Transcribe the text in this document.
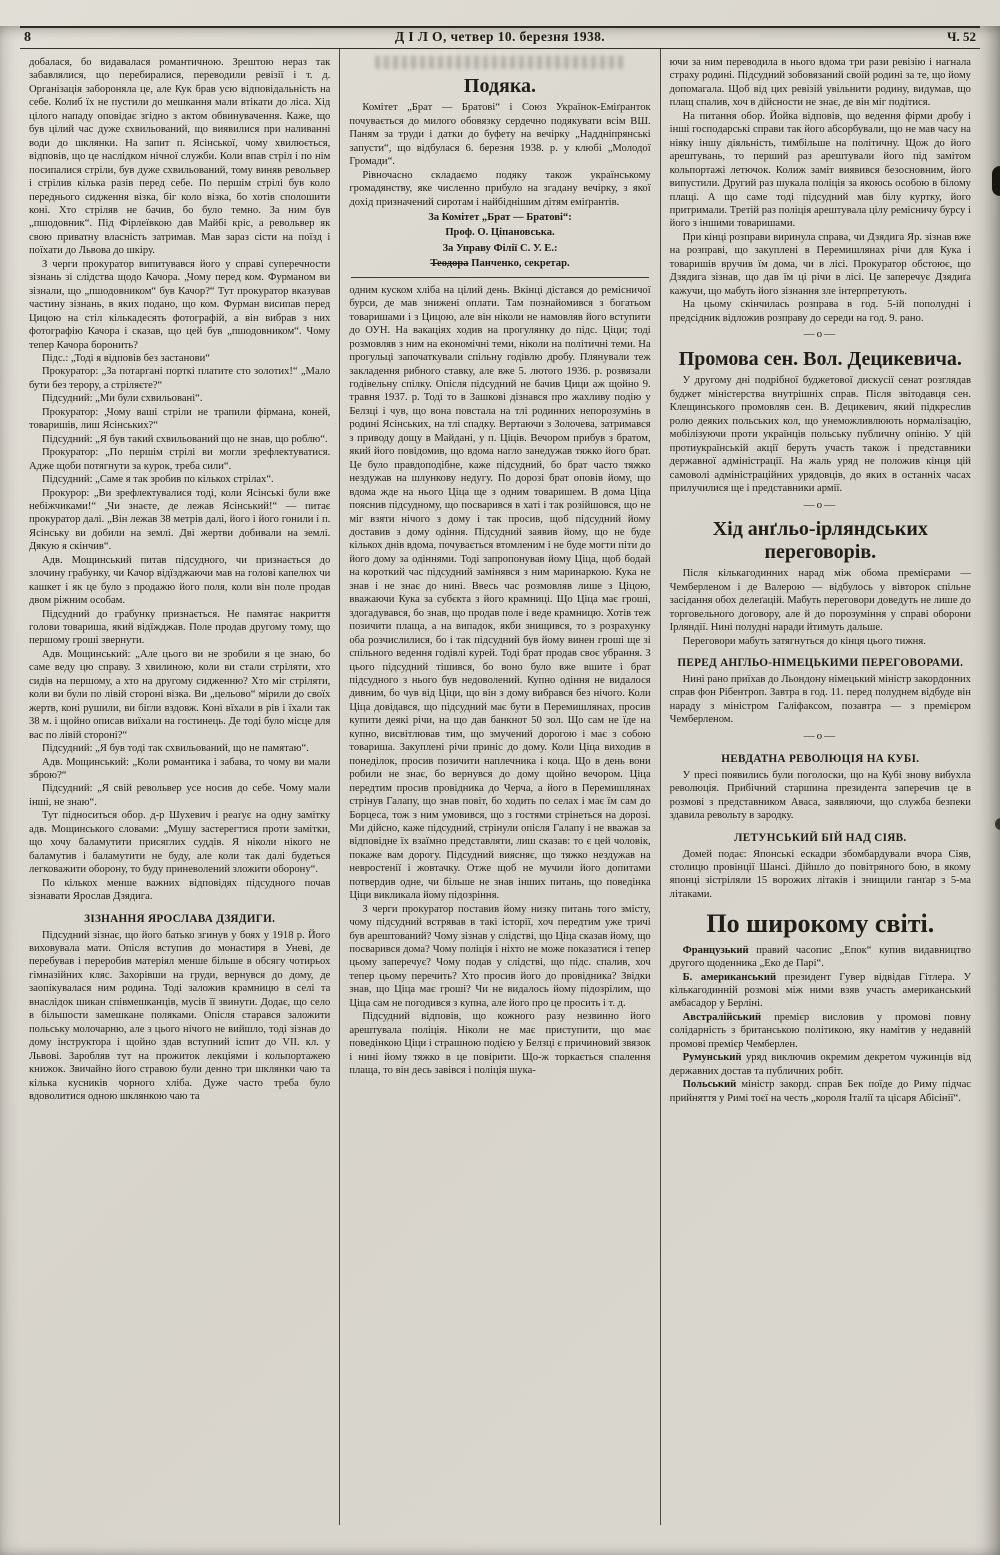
8	Д І Л О, четвер 10. березня 1938.	Ч. 52

добалася, бо видавалася романтичною. Зрештою нераз так забавлялися, що перебиралися, переводили ревізії і т. д. Організація забороняла це, але Кук брав усю відповідальність на себе. Колиб їх не пустили до мешкання мали втікати до ліса. Хід цілого нападу оповідає згідно з актом обвинувачення. Каже, що був цілий час дуже схвильований, що виявилися при наливанні води до шклянки. На запит п. Ясінської, чому хвилюється, відповів, що це наслідком нічної служби. Коли впав стріл і по нім посипалися стріли, був дуже схвильований, тому виняв револьвер і стрілив кілька разів перед себе. По першім стрілі був коло переднього сидження візка, біг коло візка, бо хотів сполошити коні. Хто стріляв не бачив, бо було темно. За ним був „пшодовник“. Під Фірлеївкою дав Майбі кріс, а револьвер як свою приватну власність затримав. Мав зараз сісти на поїзд і поїхати до Львова до шкіру.

З черги прокуратор випитувався його у справі суперечности зізнань зі слідства щодо Качора. „Чому перед ком. Фурманом ви зізнали, що „пшодовником“ був Качор?“ Тут прокуратор вказував частину зізнань, в яких подано, що ком. Фурман висипав перед Цицою на стіл кількадесять фотографій, а він вибрав з них фотографію Качора і сказав, що цей був „пшодовником“. Чому тепер Качора боронить?

Підс.: „Тоді я відповів без застанови“

Прокуратор: „За потаргані порткі платите сто золотих!“ „Мало бути без терору, а стріляєте?“

Підсудний: „Ми були схвильовані“.

Прокуратор: „Чому ваші стріли не трапили фірмана, коней, товаришів, лиш Ясінських?“

Підсудний: „Я був такий схвильований що не знав, що роблю“.

Прокуратор: „По першім стрілі ви могли зрефлектуватися. Адже щоби потягнути за курок, треба сили“.

Підсудний: „Саме я так зробив по кількох стрілах“.

Прокурор: „Ви зрефлектувалися тоді, коли Ясінські були вже небіжчиками!“ „Чи знаєте, де лежав Ясінський!“ — питає прокуратор далі. „Він лежав 38 метрів далі, його і його гонили і п. Ясінську ви добили на землі. Дві жертви добивали на землі. Дякую я скінчив“.

Адв. Мощинський питав підсудного, чи признається до злочину грабунку, чи Качор відїзджаючи мав на голові капелюх чи кашкет і як це було з продажю його поля, коли він поле продав двом ріжним особам.

Підсудний до грабунку признається. Не памятає накриття голови товариша, який відїжджав. Поле продав другому тому, що першому гроші звернути.

Адв. Мощинський: „Але цього ви не зробили я це знаю, бо саме веду цю справу. З хвилиною, коли ви стали стріляти, хто сидів на першому, а хто на другому сидженню? Хто міг стріляти, коли ви були по лівій стороні візка. Ви „цельово“ мірили до своїх жертв, коні рушили, ви бігли вздовж. Коні вїхали в рів і їхали так 38 м. і щойно описав виїхали на гостинець. Де тоді було місце для вас по лівій стороні?“

Підсудний: „Я був тоді так схвильований, що не памятаю“.

Адв. Мощинський: „Коли романтика і забава, то чому ви мали зброю?“

Підсудний: „Я свій револьвер усе носив до себе. Чому мали інші, не знаю“.

Тут підноситься обор. д-р Шухевич і реаґує на одну замітку адв. Мощинського словами: „Мушу застерегтися проти замітки, що хочу баламутити присяглих суддів. Я ніколи нікого не баламутив і баламутити не буду, але коли так далі будеться легковажити оборону, то буду приневолений зложити оборону“.

По кількох менше важних відповідях підсудного почав зізнавати Ярослав Дзядига.

ЗІЗНАННЯ ЯРОСЛАВА ДЗЯДИГИ.

Підсудний зізнає, що його батько згинув у боях у 1918 р. Його виховувала мати. Опісля вступив до монастиря в Уневі, де перебував і переробив матеріял менше більше в обсягу чотирьох гімназійних кляс. Захорівши на груди, вернувся до дому, де заопікувалася ним родина. Тоді заложив крамницю в селі та внаслідок шикан співмешканців, мусів її звинути. Додає, що село в більшости замешкане поляками. Опісля старався заложити польську молочарню, але з цього нічого не вийшло, тоді зізнав до дому інструктора і щойно здав вступний іспит до VII. кл. у Львові. Заробляв тут на прожиток лекціями і кольпортажею книжок. Звичайно його стравою були денно три шклянки чаю та кілька кусників чорного хліба. Дуже часто треба було вдоволитися одною шклянкою чаю та

Подяка.

Комітет „Брат — Братові“ і Союз Українок-Еміґранток почувається до милого обовязку сердечно подякувати всім ВШ. Паням за труди і датки до буфету на вечірку „Наддніпрянські запусти“, що відбулася 6. березня 1938. р. у клюбі „Молодої Громади“.

Рівночасно складаємо подяку також українському громадянству, яке численно прибуло на згадану вечірку, з якої дохід призначений сиротам і найбіднішим дітям еміґрантів.

За Комітет „Брат — Братові“:

Проф. О. Ціпановська.

За Управу Філії С. У. Е.:

Теодора Панченко, секретар.

одним куском хліба на цілий день. Вкінці дістався до ремісничої бурси, де мав знижені оплати. Там познайомився з богатьом товаришами і з Цицою, але він ніколи не намовляв його вступити до ОУН. На вакаціях ходив на прогулянку до підс. Ціци; тоді розмовляв з ним на економічні теми, ніколи на політичні теми. На прогульці започаткували спільну годівлю дробу. Плянували теж закладення рибного ставку, але вже 5. лютого 1936. р. розвязали годівельну спілку. Опісля підсудний не бачив Цици аж щойно 9. травня 1937. р. Тоді то в Зашкові дізнався про жахливу подію у Белзці і чув, що вона повстала на тлі родинних непорозумінь в родині Ясінських, на тлі спадку. Вертаючи з Золочева, затримався з приводу дощу в Майдані, у п. Ціців. Вечором прибув з братом, який його повідомив, що вдома нагло занедужав тяжко його брат. Це було правдоподібне, каже підсудний, бо брат часто тяжко нездужав на шлункову недугу. По дорозі брат оповів йому, що вдома жде на нього Ціца ще з одним товаришем. В дома Ціца пояснив підсудному, що посварився в хаті і так розійшовся, що не міг взяти нічого з дому і так просив, щоб підсудний йому доставив з дому одіння. Підсудний заявив йому, що не буде кількох днів вдома, почувається втомленим і не буде могти піти до його дому за одіннями. Тоді запропонував йому Ціца, щоб бодай на короткий час підсудний замінявся з ним маринаркою. Кука не знав і не знає до нині. Ввесь час розмовляв лише з Ціцою, вважаючи Кука за субєкта з його крамниці. Що Ціца має гроші, здогадувався, бо знав, що продав поле і веде крамницю. Хотів теж позичити плаща, а на випадок, якби знищився, то з розрахунку оба розчислилися, бо і так підсудний був йому винен гроші ще зі спільного ведення годівлі курей. Тоді брат продав своє убрання. З цього підсудний тішився, бо воно було вже вшите і брат підсудного з нього був недоволений. Купно одіння не видалося дивним, бо чув від Ціци, що він з дому вибрався без нічого. Коли Ціца довідався, що підсудний має бути в Перемишлянах, просив купити деякі річи, на що дав банкнот 50 зол. Що сам не їде на купно, висвітлював тим, що змучений дорогою і має з собою товариша. Закуплені річи приніс до дому. Коли Ціца виходив в понеділок, просив позичити наплечника і коца. Що в день вони робили не знає, бо вернувся до дому щойно вечором. Ціца передтим просив провідника до Черча, а його в Перемишлянах стрінув Галапу, що знав повіт, бо ходить по селах і має їм сам до Борцеса, тож з ним умовився, що з гостями стрінеться на дорозі. Ми дійсно, каже підсудний, стрінули опісля Галапу і не вважав за відповідне їх взаїмно представляти, лиш сказав: то є цей чоловік, покаже вам дорогу. Підсудний виясняє, що тяжко нездужав на невростенії і жовтачку. Отже щоб не мучили його допитами потвердив одне, чи більше не знав інших питань, що поведінка Ціци викликала йому підозріння.

З черги прокуратор поставив йому низку питань того змісту, чому підсудний встрявав в такі історії, хоч передтим уже тричі був арештований? Чому зізнав у слідстві, що Ціца сказав йому, що посварився дома? Чому поліція і ніхто не може показатися і тепер цьому заперечує? Чому подав у слідстві, що підс. спалив, хоч тепер цьому перечить? Хто просив його до провідника? Звідки знав, що Ціца має гроші? Чи не видалось йому підозрілим, що Ціца сам не погодився з купна, але його про це просить і т. д.

Підсудний відповів, що кожного разу незвинно його арештувала поліція. Ніколи не має приступити, що має поведінкою Ціци і страшною подією у Белзці є причиновий звязок і нині йому тяжко в це повірити. Що-ж торкається спалення плаща, то він десь завівся і поліція шука-

ючи за ним переводила в нього вдома три рази ревізію і нагнала страху родині. Підсудний зобовязаний своїй родині за те, що йому допомагала. Щоб від цих ревізій увільнити родину, видумав, що плащ спалив, хоч в дійсности не знає, де він міг подітися.

На питання обор. Йойка відповів, що ведення фірми дробу і інші господарські справи так його абсорбували, що не мав часу на ніяку іншу діяльність, тимбільше на політичну. Щож до його арештувань, то перший раз арештували його під замітом кольпортажі летючок. Колиж заміт виявився безосновним, його випустили. Другий раз шукала поліція за якоюсь особою в білому плащі. А що саме тоді підсудний мав білу куртку, його притримали. Третій раз поліція арештувала цілу ремісничу бурсу і його з іншими товаришами.

При кінці розправи виринула справа, чи Дзядига Яр. зізнав вже на розправі, що закуплені в Перемишлянах річи для Кука і товаришів вручив їм дома, чи в лісі. Прокуратор обстоює, що Дзядига зізнав, що дав їм ці річи в лісі. Це заперечує Дзядиґа кажучи, що мабуть його зізнання зле інтерпретують.

На цьому скінчилась розправа в год. 5-ій пополудні і предсідник відложив розправу до середи на год. 9. рано.

—о—
Промова сен. Вол. Децикевича.

У другому дні подрібної буджетової дискусії сенат розглядав буджет міністерства внутрішніх справ. Після звітодавця сен. Клещинського промовляв сен. В. Децикевич, який підкреслив ролю деяких польських кол, що унеможливлюють нормалізацію, мобілізуючи проти українців польську публичну опінію. У цій протиукраїнській акції беруть участь також і представники державної адміністрації. На жаль уряд не положив кінця цій самоволі адміністраційних урядовців, до яких в останніх часах прилучилися ще і представники армії.

—о—
Хід анґльо-ірляндських переговорів.

Після кількагодинних нарад між обома премієрами — Чемберленом і де Валерою — відбулось у вівторок спільне засідання обох делеґацій. Мабуть переговори доведуть не лише до торговельного договору, але й до порозуміння у справі оборони Ірляндії. Нині полудні наради йтимуть дальше.

Переговори мабуть затягнуться до кінця цього тижня.

ПЕРЕД АНГЛЬО-НІМЕЦЬКИМИ ПЕРЕГОВОРАМИ.

Нині рано приїхав до Льондону німецький міністр закордонних справ фон Рібентроп. Завтра в год. 11. перед полуднем відбуде він нараду з міністром Галіфаксом, позавтра — з премієром Чемберленом.

—о—
НЕВДАТНА РЕВОЛЮЦІЯ НА КУБІ.

У пресі появились були поголоски, що на Кубі знову вибухла революція. Прибічний старшина президента заперечив це в розмові з представником Аваса, заявляючи, що служба безпеки здавила револьту в зародку.

ЛЕТУНСЬКИЙ БІЙ НАД СІЯВ.

Домей подає: Японські ескадри збомбардували вчора Сіяв, столицю провінції Шансі. Дійшло до повітряного бою, в якому японці зістріляли 15 ворожих літаків і знищили ганґар з 5-ма літаками.

По широкому світі.

Французький правий часопис „Епок“ купив видавництво другого щоденника „Еко де Парі“.

Б. американський президент Гувер відвідав Гітлера. У кількагодинній розмові між ними взяв участь американський амбасадор у Берліні.

Австралійський премієр висловив у промові повну солідарність з британською політикою, яку намітив у недавній промові премієр Чемберлен.

Румунський уряд виключив окремим декретом чужинців від державних достав та публичних робіт.

Польський міністр закорд. справ Бек поїде до Риму підчас прийняття у Римі тоєї на честь „короля Італії та цісаря Абісінії“.
